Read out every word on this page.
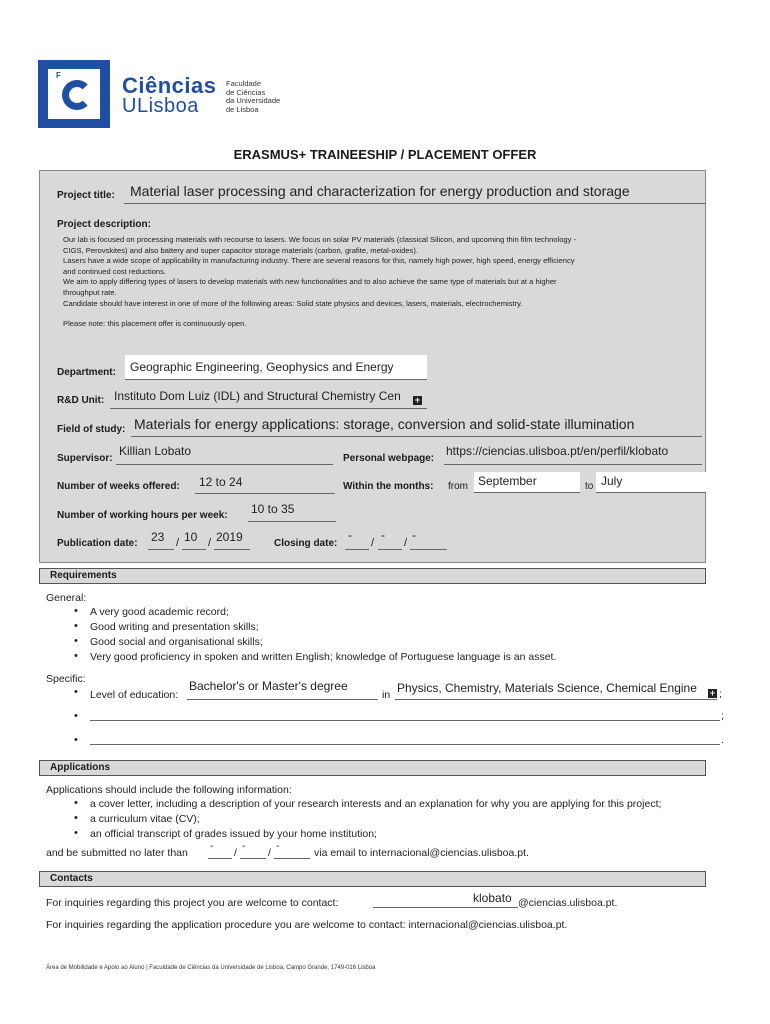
F	Ciências
ULisboa
Faculdade
de Ciências
da Universidade
de Lisboa
ERASMUS+ TRAINEESHIP / PLACEMENT OFFER
Project title: Material laser processing and characterization for energy production and storage
Project description:

Our lab is focused on processing materials with recourse to lasers. We focus on solar PV materials (classical Silicon, and upcoming thin film technology -

CIGS, Perovskites) and also battery and super capacitor storage materials (carbon, grafite, metal-oxides).

Lasers have a wide scope of applicability in manufacturing industry. There are several reasons for this, namely high power, high speed, energy efficiency

and continued cost reductions.

We aim to apply differing types of lasers to develop materials with new functionalities and to also achieve the same type of materials but at a higher

throughput rate.

Candidate should have interest in one of more of the following areas: Solid state physics and devices, lasers, materials, electrochemistry.

Please note: this placement offer is continuously open.

Department: Geographic Engineering, Geophysics and Energy
R&D Unit: Instituto Dom Luiz (IDL) and Structural Chemistry Cen +
Field of study: Materials for energy applications: storage, conversion and solid-state illumination
Supervisor:
Killian Lobato
Personal webpage:
https://ciencias.ulisboa.pt/en/perfil/klobato
Number of weeks offered: 12 to 24	Within the months: from September	to July
Number of working hours per week: 10 to 35
Publication date: 23 / 10 / 2019	Closing date:
-
/
-
/
-
Requirements
General:
• A very good academic record;
• Good writing and presentation skills;
• Good social and organisational skills;
• Very good proficiency in spoken and written English; knowledge of Portuguese language is an asset.
Specific:
• Level of education:
Bachelor's or Master's degree
in Physics, Chemistry, Materials Science, Chemical Engine + ;
•	;
•	.
Applications
Applications should include the following information:
• a cover letter, including a description of your research interests and an explanation for why you are applying for this project;
• a curriculum vitae (CV);
• an official transcript of grades issued by your home institution;
and be submitted no later than
-
/
-
/
-
via email to internacional@ciencias.ulisboa.pt.
Contacts
For inquiries regarding this project you are welcome to contact:	klobato @ciencias.ulisboa.pt.
For inquiries regarding the application procedure you are welcome to contact: internacional@ciencias.ulisboa.pt.
Área de Mobilidade e Apoio ao Aluno | Faculdade de Ciências da Universidade de Lisboa, Campo Grande, 1749-016 Lisboa
